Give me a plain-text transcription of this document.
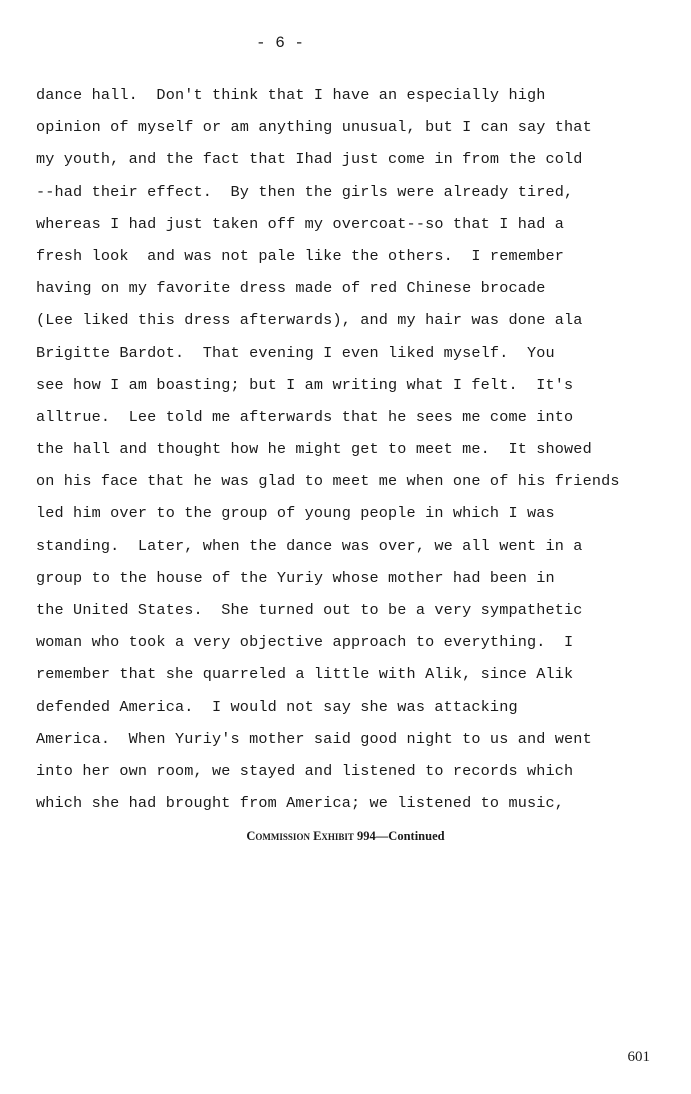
- 6 -
dance hall.  Don't think that I have an especially high
opinion of myself or am anything unusual, but I can say that
my youth, and the fact that Ihad just come in from the cold
--had their effect.  By then the girls were already tired,
whereas I had just taken off my overcoat--so that I had a
fresh look  and was not pale like the others.  I remember
having on my favorite dress made of red Chinese brocade
(Lee liked this dress afterwards), and my hair was done ala
Brigitte Bardot.  That evening I even liked myself.  You
see how I am boasting; but I am writing what I felt.  It's
alltrue.  Lee told me afterwards that he sees me come into
the hall and thought how he might get to meet me.  It showed
on his face that he was glad to meet me when one of his friends
led him over to the group of young people in which I was
standing.  Later, when the dance was over, we all went in a
group to the house of the Yuriy whose mother had been in
the United States.  She turned out to be a very sympathetic
woman who took a very objective approach to everything.  I
remember that she quarreled a little with Alik, since Alik
defended America.  I would not say she was attacking
America.  When Yuriy's mother said good night to us and went
into her own room, we stayed and listened to records which
which she had brought from America; we listened to music,
Commission Exhibit 994—Continued
601
